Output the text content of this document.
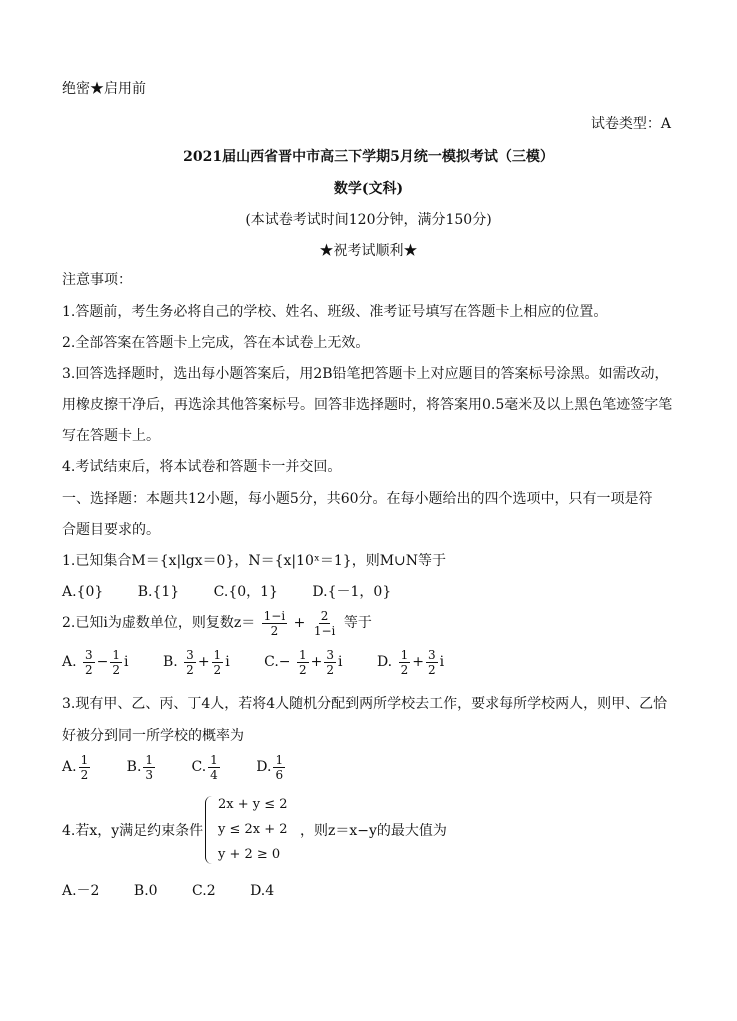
绝密★启用前
试卷类型：A
2021届山西省晋中市高三下学期5月统一模拟考试（三模）
数学(文科)
(本试卷考试时间120分钟，满分150分)
★祝考试顺利★
注意事项：
1.答题前，考生务必将自己的学校、姓名、班级、准考证号填写在答题卡上相应的位置。
2.全部答案在答题卡上完成，答在本试卷上无效。
3.回答选择题时，选出每小题答案后，用2B铅笔把答题卡上对应题目的答案标号涂黑。如需改动，
用橡皮擦干净后，再选涂其他答案标号。回答非选择题时，将答案用0.5毫米及以上黑色笔迹签字笔
写在答题卡上。
4.考试结束后，将本试卷和答题卡一并交回。
一、选择题：本题共12小题，每小题5分，共60分。在每小题给出的四个选项中，只有一项是符
合题目要求的。
1.已知集合M＝{x|lgx＝0}，N＝{x|10ˣ＝1}，则M∪N等于
A.{0} B.{1} C.{0，1} D.{－1，0}
2.已知i为虚数单位，则复数$z= \frac{1-i}{2} + \frac{2}{1-i}$ 等于
A. $\frac{3}{2} - \frac{1}{2}$ i B. $\frac{3}{2} + \frac{1}{2}$ i $C.- \frac{1}{2} + \frac{3}{2}$ i D. $\frac{1}{2} + \frac{3}{2}$ i
3.现有甲、乙、丙、丁4人，若将4人随机分配到两所学校去工作，要求每所学校两人，则甲、乙恰
好被分到同一所学校的概率为
A. $\frac{1}{2}$	B. $\frac{1}{3}$	C. $\frac{1}{4}$	D. $\frac{1}{6}$
4.若x，y满足约束条件
2x + y ≤ 2
y ≤ 2x + 2
y + 2 ≥ 0
，则z＝x−y的最大值为
A.－2 B.0 C.2 D.4
